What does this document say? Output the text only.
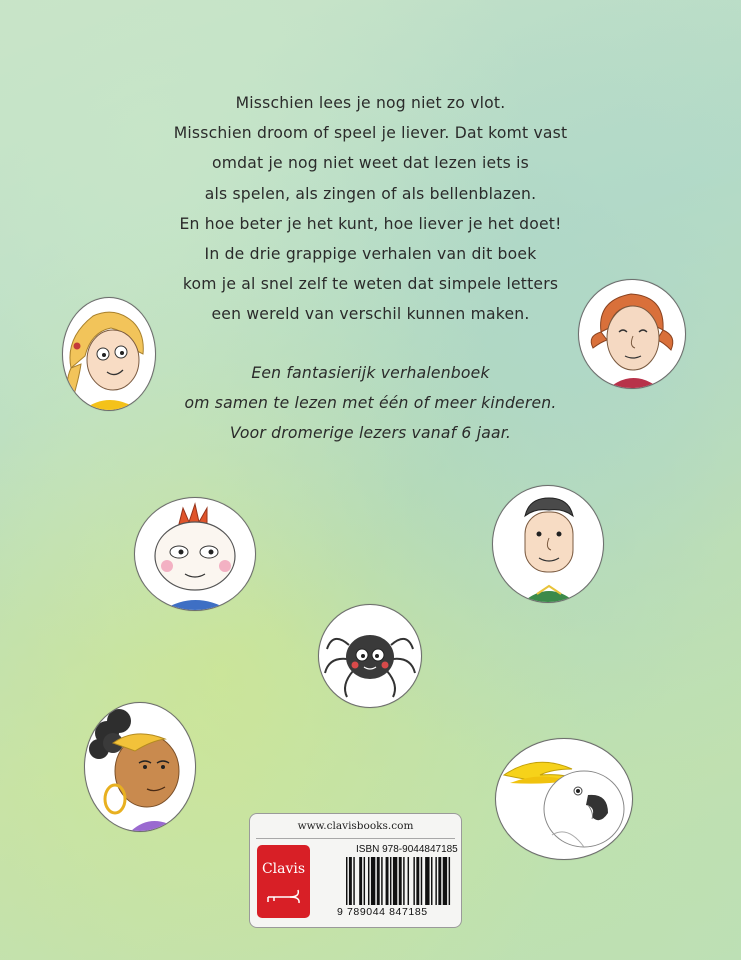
Misschien lees je nog niet zo vlot.

Misschien droom of speel je liever. Dat komt vast

omdat je nog niet weet dat lezen iets is

als spelen, als zingen of als bellenblazen.

En hoe beter je het kunt, hoe liever je het doet!

In de drie grappige verhalen van dit boek

kom je al snel zelf te weten dat simpele letters

een wereld van verschil kunnen maken.

Een fantasierijk verhalenboek

om samen te lezen met één of meer kinderen.

Voor dromerige lezers vanaf 6 jaar.

www.clavisbooks.com
Clavis
ISBN 978-9044847185
9 789044 847185
